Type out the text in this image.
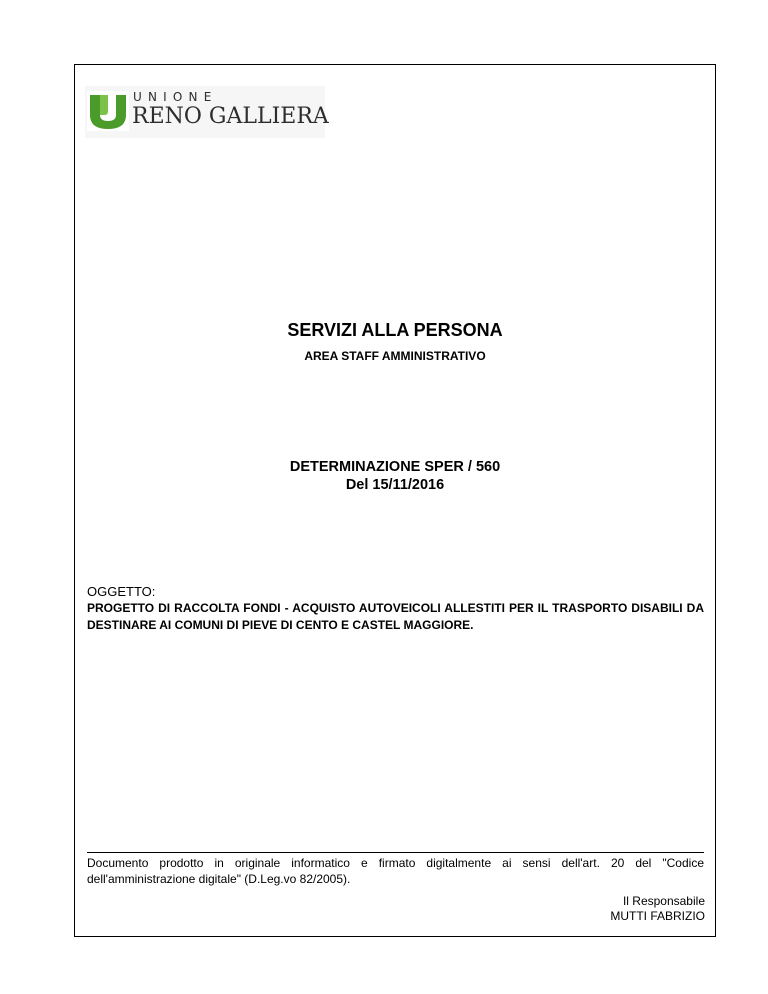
UNIONE
RENO GALLIERA
SERVIZI ALLA PERSONA
AREA STAFF AMMINISTRATIVO
DETERMINAZIONE SPER / 560
Del 15/11/2016
OGGETTO:
PROGETTO DI RACCOLTA FONDI - ACQUISTO AUTOVEICOLI ALLESTITI PER IL TRASPORTO DISABILI DA DESTINARE AI COMUNI DI PIEVE DI CENTO E CASTEL MAGGIORE.
Documento prodotto in originale informatico e firmato digitalmente ai sensi dell'art. 20 del "Codice dell'amministrazione digitale" (D.Leg.vo 82/2005).
Il Responsabile
MUTTI FABRIZIO
